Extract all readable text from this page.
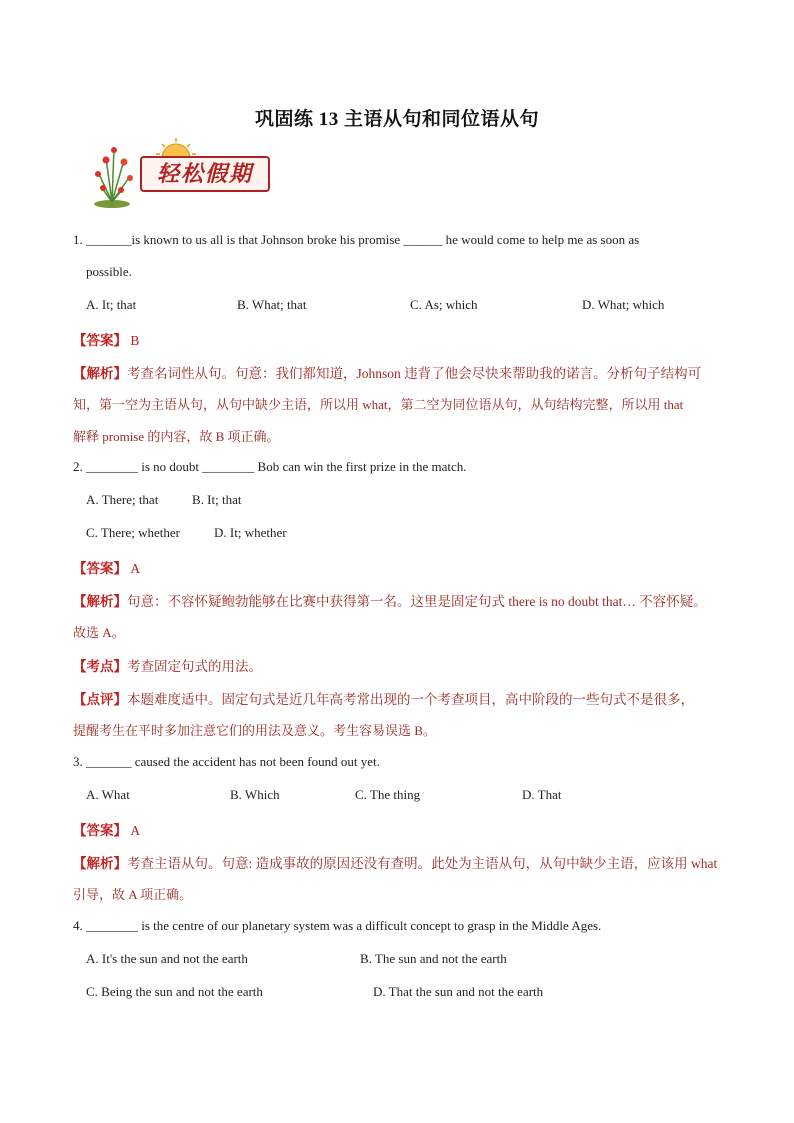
巩固练 13 主语从句和同位语从句
轻松假期
1. _______is known to us all is that Johnson broke his promise ______ he would come to help me as soon as
possible.
A. It; that	B. What; that	C. As; which	D. What; which
【答案】 B
【解析】考查名词性从句。句意：我们都知道，Johnson 违背了他会尽快来帮助我的诺言。分析句子结构可
知，第一空为主语从句，从句中缺少主语，所以用 what，第二空为同位语从句，从句结构完整，所以用 that
解释 promise 的内容，故 B 项正确。
2. ________ is no doubt ________ Bob can win the first prize in the match.
A. There; that	B. It; that
C. There; whether	D. It; whether
【答案】 A
【解析】句意：不容怀疑鲍勃能够在比赛中获得第一名。这里是固定句式 there is no doubt that… 不容怀疑。
故选 A。
【考点】考查固定句式的用法。
【点评】本题难度适中。固定句式是近几年高考常出现的一个考查项目，高中阶段的一些句式不是很多，
提醒考生在平时多加注意它们的用法及意义。考生容易误选 B。
3. _______ caused the accident has not been found out yet.
A. What	B. Which	C. The thing	D. That
【答案】 A
【解析】考查主语从句。句意: 造成事故的原因还没有查明。此处为主语从句，从句中缺少主语，应该用 what
引导，故 A 项正确。
4. ________ is the centre of our planetary system was a difficult concept to grasp in the Middle Ages.
A. It's the sun and not the earth	B. The sun and not the earth
C. Being the sun and not the earth	D. That the sun and not the earth
